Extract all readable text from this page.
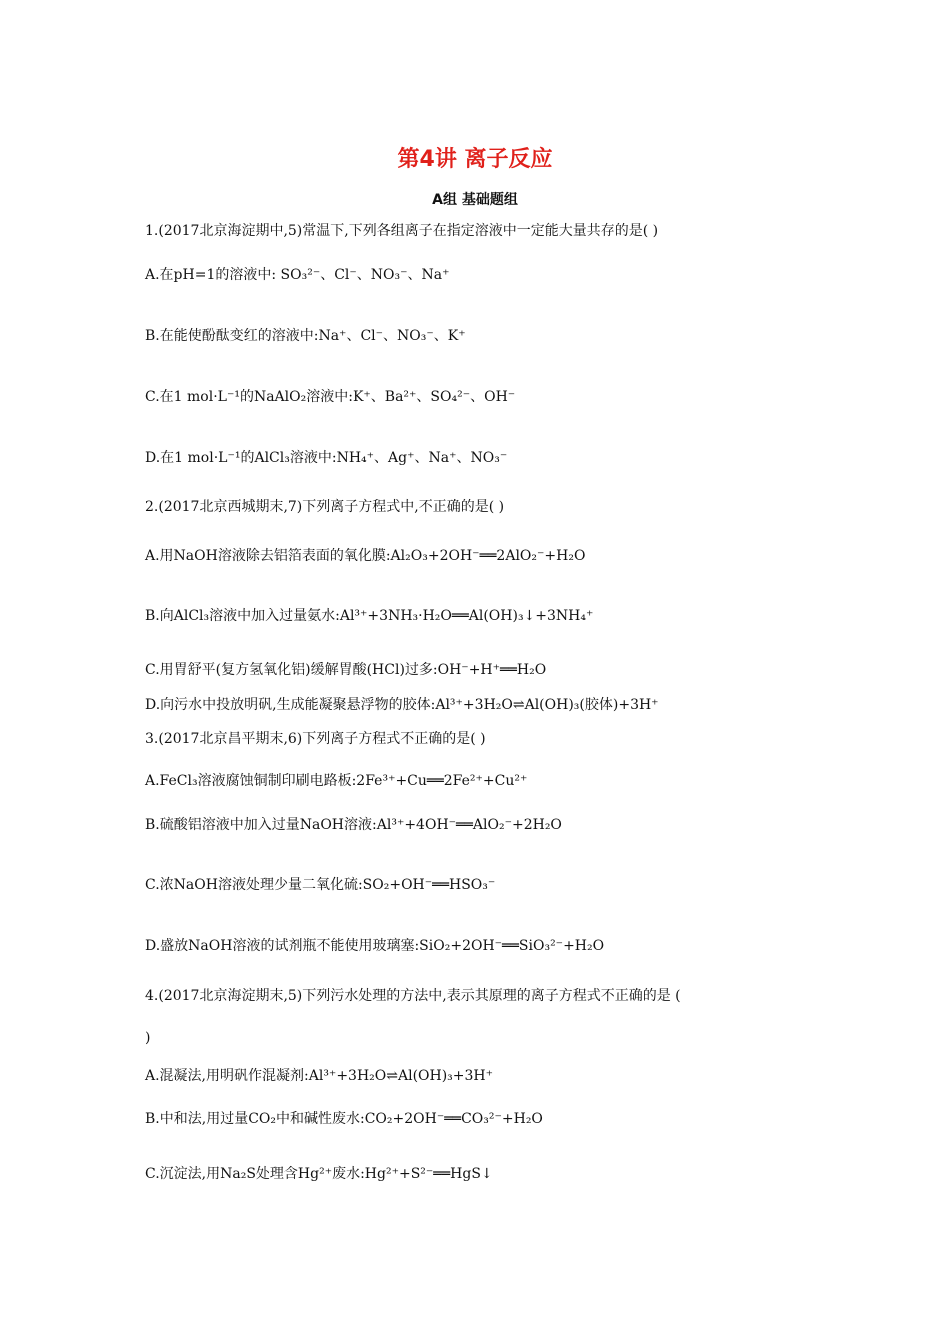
第4讲 离子反应
A组 基础题组
1.(2017北京海淀期中,5)常温下,下列各组离子在指定溶液中一定能大量共存的是( )
A.在pH=1的溶液中: SO₃²⁻、Cl⁻、NO₃⁻、Na⁺
B.在能使酚酞变红的溶液中:Na⁺、Cl⁻、NO₃⁻、K⁺
C.在1 mol·L⁻¹的NaAlO₂溶液中:K⁺、Ba²⁺、SO₄²⁻、OH⁻
D.在1 mol·L⁻¹的AlCl₃溶液中:NH₄⁺、Ag⁺、Na⁺、NO₃⁻
2.(2017北京西城期末,7)下列离子方程式中,不正确的是( )
A.用NaOH溶液除去铝箔表面的氧化膜:Al₂O₃+2OH⁻══2AlO₂⁻+H₂O
B.向AlCl₃溶液中加入过量氨水:Al³⁺+3NH₃·H₂O══Al(OH)₃↓+3NH₄⁺
C.用胃舒平(复方氢氧化铝)缓解胃酸(HCl)过多:OH⁻+H⁺══H₂O
D.向污水中投放明矾,生成能凝聚悬浮物的胶体:Al³⁺+3H₂O⇌Al(OH)₃(胶体)+3H⁺
3.(2017北京昌平期末,6)下列离子方程式不正确的是( )
A.FeCl₃溶液腐蚀铜制印刷电路板:2Fe³⁺+Cu══2Fe²⁺+Cu²⁺
B.硫酸铝溶液中加入过量NaOH溶液:Al³⁺+4OH⁻══AlO₂⁻+2H₂O
C.浓NaOH溶液处理少量二氧化硫:SO₂+OH⁻══HSO₃⁻
D.盛放NaOH溶液的试剂瓶不能使用玻璃塞:SiO₂+2OH⁻══SiO₃²⁻+H₂O
4.(2017北京海淀期末,5)下列污水处理的方法中,表示其原理的离子方程式不正确的是 (
)
A.混凝法,用明矾作混凝剂:Al³⁺+3H₂O⇌Al(OH)₃+3H⁺
B.中和法,用过量CO₂中和碱性废水:CO₂+2OH⁻══CO₃²⁻+H₂O
C.沉淀法,用Na₂S处理含Hg²⁺废水:Hg²⁺+S²⁻══HgS↓
